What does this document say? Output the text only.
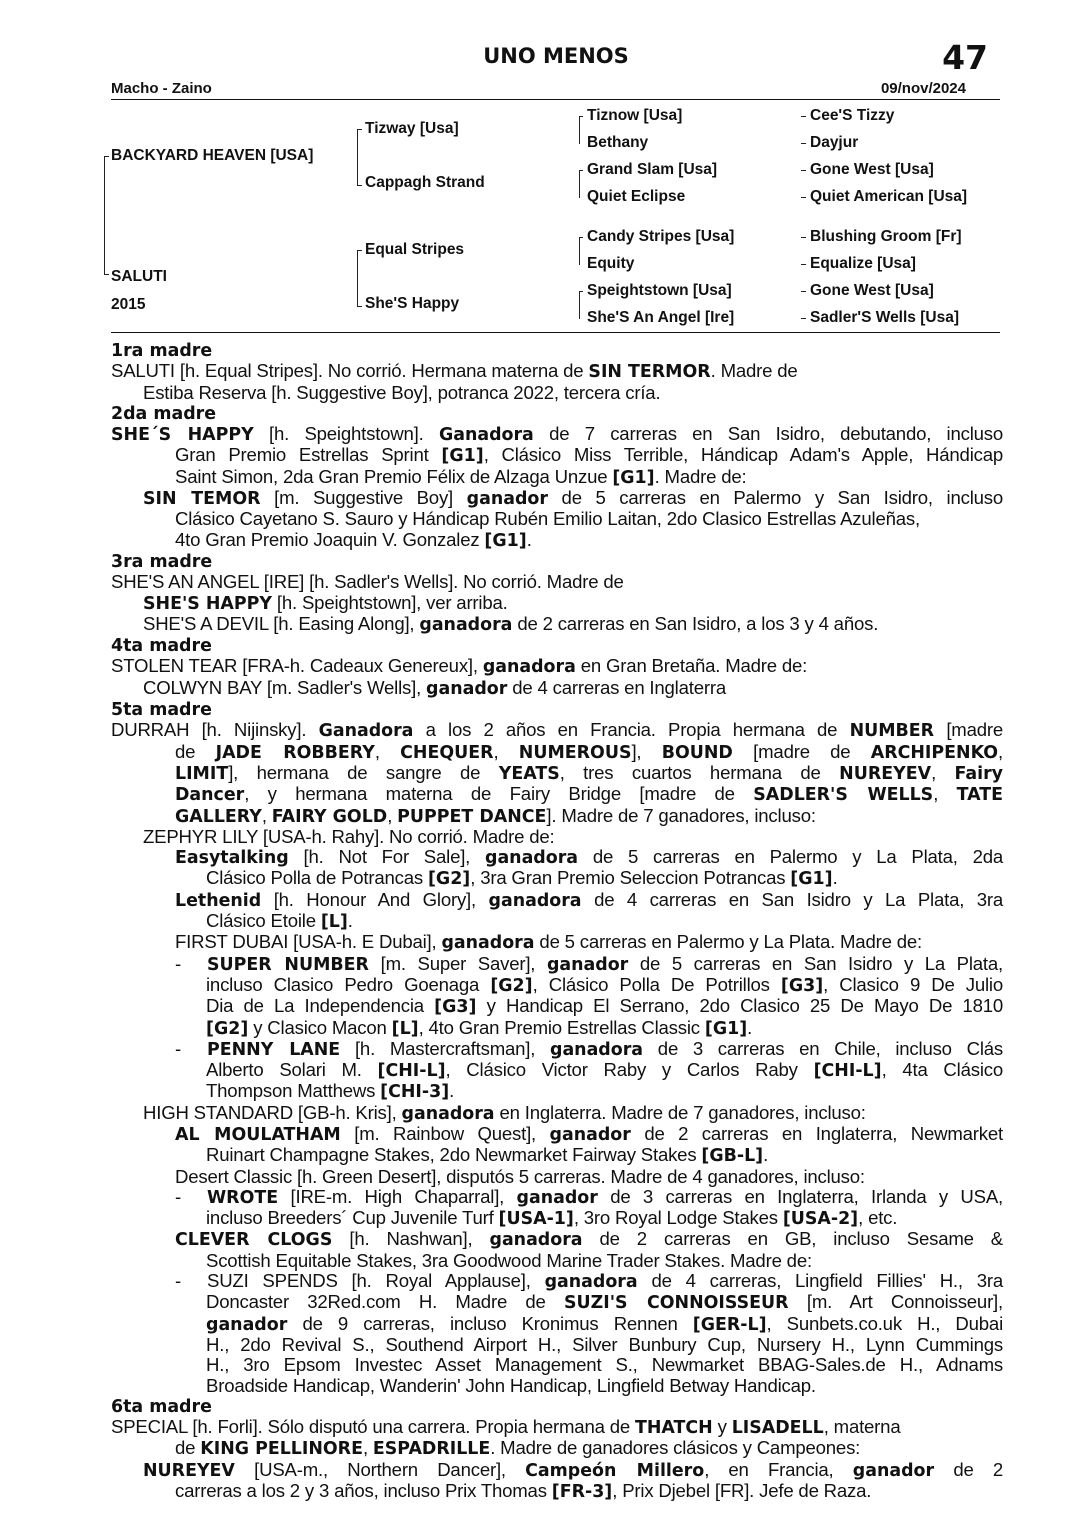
UNO MENOS	47
Macho - Zaino	09/nov/2024
BACKYARD HEAVEN [USA]
SALUTI
2015
Tizway [Usa]
Cappagh Strand
Equal Stripes
She'S Happy
Tiznow [Usa]
Bethany
Grand Slam [Usa]
Quiet Eclipse
Candy Stripes [Usa]
Equity
Speightstown [Usa]
She'S An Angel [Ire]
Cee'S Tizzy
Dayjur
Gone West [Usa]
Quiet American [Usa]
Blushing Groom [Fr]
Equalize [Usa]
Gone West [Usa]
Sadler'S Wells [Usa]
1ra madre
SALUTI [h. Equal Stripes]. No corrió. Hermana materna de SIN TERMOR. Madre de
Estiba Reserva [h. Suggestive Boy], potranca 2022, tercera cría.
2da madre
SHE´S HAPPY [h. Speightstown]. Ganadora de 7 carreras en San Isidro, debutando, incluso
Gran Premio Estrellas Sprint [G1], Clásico Miss Terrible, Hándicap Adam's Apple, Hándicap
Saint Simon, 2da Gran Premio Félix de Alzaga Unzue [G1]. Madre de:
SIN TEMOR [m. Suggestive Boy] ganador de 5 carreras en Palermo y San Isidro, incluso
Clásico Cayetano S. Sauro y Hándicap Rubén Emilio Laitan, 2do Clasico Estrellas Azuleñas,
4to Gran Premio Joaquin V. Gonzalez [G1].
3ra madre
SHE'S AN ANGEL [IRE] [h. Sadler's Wells]. No corrió. Madre de
SHE'S HAPPY [h. Speightstown], ver arriba.
SHE'S A DEVIL [h. Easing Along], ganadora de 2 carreras en San Isidro, a los 3 y 4 años.
4ta madre
STOLEN TEAR [FRA-h. Cadeaux Genereux], ganadora en Gran Bretaña. Madre de:
COLWYN BAY [m. Sadler's Wells], ganador de 4 carreras en Inglaterra
5ta madre
DURRAH [h. Nijinsky]. Ganadora a los 2 años en Francia. Propia hermana de NUMBER [madre
de JADE ROBBERY, CHEQUER, NUMEROUS], BOUND [madre de ARCHIPENKO,
LIMIT], hermana de sangre de YEATS, tres cuartos hermana de NUREYEV, Fairy
Dancer, y hermana materna de Fairy Bridge [madre de SADLER'S WELLS, TATE
GALLERY, FAIRY GOLD, PUPPET DANCE]. Madre de 7 ganadores, incluso:
ZEPHYR LILY [USA-h. Rahy]. No corrió. Madre de:
Easytalking [h. Not For Sale], ganadora de 5 carreras en Palermo y La Plata, 2da
Clásico Polla de Potrancas [G2], 3ra Gran Premio Seleccion Potrancas [G1].
Lethenid [h. Honour And Glory], ganadora de 4 carreras en San Isidro y La Plata, 3ra
Clásico Etoile [L].
FIRST DUBAI [USA-h. E Dubai], ganadora de 5 carreras en Palermo y La Plata. Madre de:
- SUPER NUMBER [m. Super Saver], ganador de 5 carreras en San Isidro y La Plata,
incluso Clasico Pedro Goenaga [G2], Clásico Polla De Potrillos [G3], Clasico 9 De Julio
Dia de La Independencia [G3] y Handicap El Serrano, 2do Clasico 25 De Mayo De 1810
[G2] y Clasico Macon [L], 4to Gran Premio Estrellas Classic [G1].
- PENNY LANE [h. Mastercraftsman], ganadora de 3 carreras en Chile, incluso Clás
Alberto Solari M. [CHI-L], Clásico Victor Raby y Carlos Raby [CHI-L], 4ta Clásico
Thompson Matthews [CHI-3].
HIGH STANDARD [GB-h. Kris], ganadora en Inglaterra. Madre de 7 ganadores, incluso:
AL MOULATHAM [m. Rainbow Quest], ganador de 2 carreras en Inglaterra, Newmarket
Ruinart Champagne Stakes, 2do Newmarket Fairway Stakes [GB-L].
Desert Classic [h. Green Desert], disputós 5 carreras. Madre de 4 ganadores, incluso:
- WROTE [IRE-m. High Chaparral], ganador de 3 carreras en Inglaterra, Irlanda y USA,
incluso Breeders´ Cup Juvenile Turf [USA-1], 3ro Royal Lodge Stakes [USA-2], etc.
CLEVER CLOGS [h. Nashwan], ganadora de 2 carreras en GB, incluso Sesame &
Scottish Equitable Stakes, 3ra Goodwood Marine Trader Stakes. Madre de:
- SUZI SPENDS [h. Royal Applause], ganadora de 4 carreras, Lingfield Fillies' H., 3ra
Doncaster 32Red.com H. Madre de SUZI'S CONNOISSEUR [m. Art Connoisseur],
ganador de 9 carreras, incluso Kronimus Rennen [GER-L], Sunbets.co.uk H., Dubai
H., 2do Revival S., Southend Airport H., Silver Bunbury Cup, Nursery H., Lynn Cummings
H., 3ro Epsom Investec Asset Management S., Newmarket BBAG-Sales.de H., Adnams
Broadside Handicap, Wanderin' John Handicap, Lingfield Betway Handicap.
6ta madre
SPECIAL [h. Forli]. Sólo disputó una carrera. Propia hermana de THATCH y LISADELL, materna
de KING PELLINORE, ESPADRILLE. Madre de ganadores clásicos y Campeones:
NUREYEV [USA-m., Northern Dancer], Campeón Millero, en Francia, ganador de 2
carreras a los 2 y 3 años, incluso Prix Thomas [FR-3], Prix Djebel [FR]. Jefe de Raza.
